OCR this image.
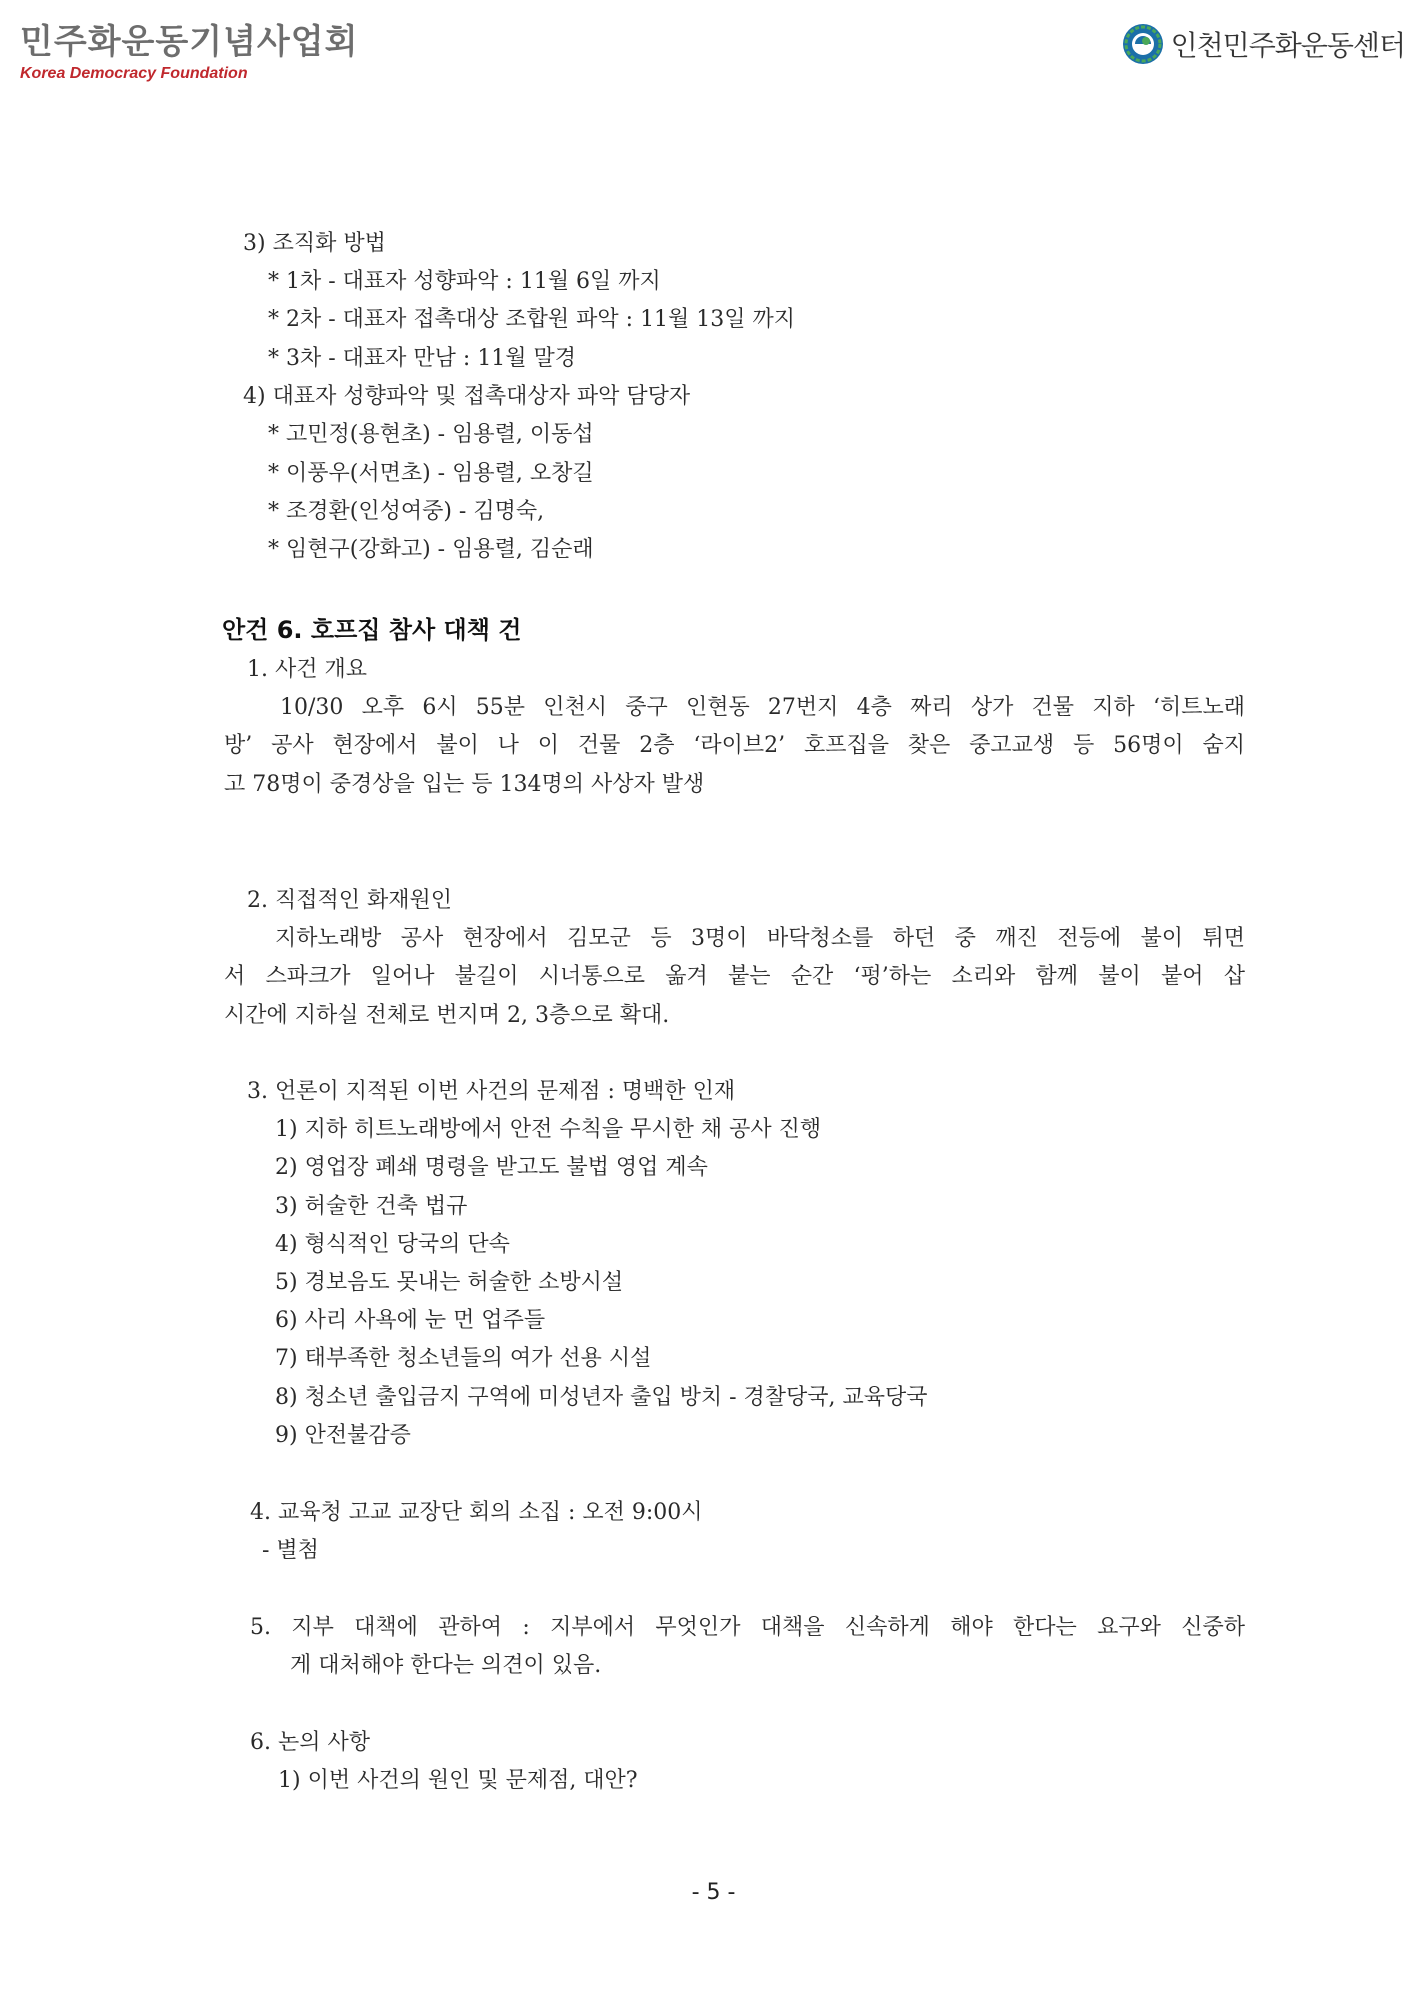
민주화운동기념사업회
Korea Democracy Foundation
인천민주화운동센터
3) 조직화 방법
* 1차 - 대표자 성향파악 : 11월 6일 까지
* 2차 - 대표자 접촉대상 조합원 파악 : 11월 13일 까지
* 3차 - 대표자 만남 : 11월 말경
4) 대표자 성향파악 및 접촉대상자 파악 담당자
* 고민정(용현초) - 임용렬, 이동섭
* 이풍우(서면초) - 임용렬, 오창길
* 조경환(인성여중) - 김명숙,
* 임현구(강화고) - 임용렬, 김순래
안건 6. 호프집 참사 대책 건
1. 사건 개요
10/30 오후 6시 55분 인천시 중구 인현동 27번지 4층 짜리 상가 건물 지하 ‘히트노래
방’ 공사 현장에서 불이 나 이 건물 2층 ‘라이브2’ 호프집을 찾은 중고교생 등 56명이 숨지
고 78명이 중경상을 입는 등 134명의 사상자 발생
2. 직접적인 화재원인
지하노래방 공사 현장에서 김모군 등 3명이 바닥청소를 하던 중 깨진 전등에 불이 튀면
서 스파크가 일어나 불길이 시너통으로 옮겨 붙는 순간 ‘펑’하는 소리와 함께 불이 붙어 삽
시간에 지하실 전체로 번지며 2, 3층으로 확대.
3. 언론이 지적된 이번 사건의 문제점 : 명백한 인재
1) 지하 히트노래방에서 안전 수칙을 무시한 채 공사 진행
2) 영업장 폐쇄 명령을 받고도 불법 영업 계속
3) 허술한 건축 법규
4) 형식적인 당국의 단속
5) 경보음도 못내는 허술한 소방시설
6) 사리 사욕에 눈 먼 업주들
7) 태부족한 청소년들의 여가 선용 시설
8) 청소년 출입금지 구역에 미성년자 출입 방치 - 경찰당국, 교육당국
9) 안전불감증
4. 교육청 고교 교장단 회의 소집 : 오전 9:00시
- 별첨
5. 지부 대책에 관하여 : 지부에서 무엇인가 대책을 신속하게 해야 한다는 요구와 신중하
게 대처해야 한다는 의견이 있음.
6. 논의 사항
1) 이번 사건의 원인 및 문제점, 대안?
- 5 -
